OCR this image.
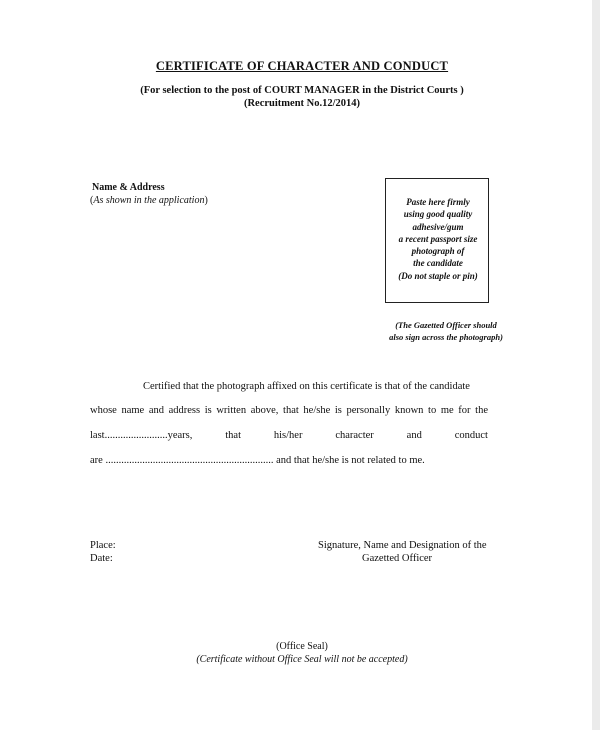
CERTIFICATE OF CHARACTER AND CONDUCT
(For selection to the post of COURT MANAGER in the District Courts )
(Recruitment No.12/2014)
Name & Address
(As shown in the application)	Paste here firmly
using good quality
adhesive/gum
a recent passport size
photograph of
the candidate
(Do not staple or pin)
(The Gazetted Officer should
also sign across the photograph)
Certified that the photograph affixed on this certificate is that of the candidate
whose name and address is written above, that he/she is personally known to me for the
last........................years,	that	his/her	character	and	conduct
are ................................................................ and that he/she is not related to me.
Place:
Date:
Signature, Name and Designation of the
Gazetted Officer
(Office Seal)
(Certificate without Office Seal will not be accepted)
